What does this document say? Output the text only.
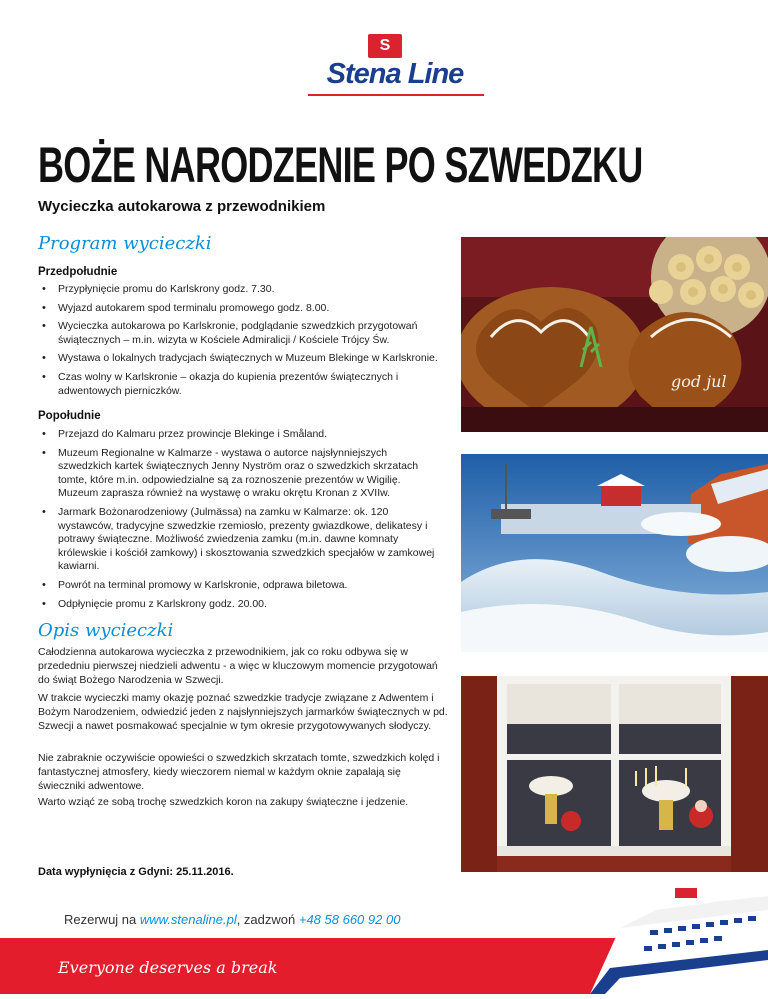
S
Stena Line
BOŻE NARODZENIE PO SZWEDZKU
Wycieczka autokarowa z przewodnikiem
Program wycieczki
Przedpołudnie
• Przypłynięcie promu do Karlskrony godz. 7.30.
• Wyjazd autokarem spod terminalu promowego godz. 8.00.
• Wycieczka autokarowa po Karlskronie, podglądanie szwedzkich przygotowań świątecznych – m.in. wizyta w Kościele Admiralicji / Kościele Trójcy Św.
• Wystawa o lokalnych tradycjach świątecznych w Muzeum Blekinge w Karlskronie.
• Czas wolny w Karlskronie – okazja do kupienia prezentów świątecznych i adwentowych pierniczków.
Popołudnie
• Przejazd do Kalmaru przez prowincje Blekinge i Småland.
• Muzeum Regionalne w Kalmarze - wystawa o autorce najsłynniejszych szwedzkich kartek świątecznych Jenny Nyström oraz o szwedzkich skrzatach tomte, które m.in. odpowiedzialne są za roznoszenie prezentów w Wigilię. Muzeum zaprasza również na wystawę o wraku okrętu Kronan z XVIIw.
• Jarmark Bożonarodzeniowy (Julmässa) na zamku w Kalmarze: ok. 120 wystawców, tradycyjne szwedzkie rzemiosło, prezenty gwiazdkowe, delikatesy i potrawy świąteczne. Możliwość zwiedzenia zamku (m.in. dawne komnaty królewskie i kościół zamkowy) i skosztowania szwedzkich specjałów w zamkowej kawiarni.
• Powrót na terminal promowy w Karlskronie, odprawa biletowa.
• Odpłynięcie promu z Karlskrony godz. 20.00.
Opis wycieczki

Całodzienna autokarowa wycieczka z przewodnikiem, jak co roku odbywa się w przededniu pierwszej niedzieli adwentu - a więc w kluczowym momencie przygotowań do świąt Bożego Narodzenia w Szwecji.

W trakcie wycieczki mamy okazję poznać szwedzkie tradycje związane z Adwentem i Bożym Narodzeniem, odwiedzić jeden z najsłynniejszych jarmarków świątecznych w pd. Szwecji a nawet posmakować specjalnie w tym okresie przygotowywanych słodyczy.

Nie zabraknie oczywiście opowieści o szwedzkich skrzatach tomte, szwedzkich kolęd i fantastycznej atmosfery, kiedy wieczorem niemal w każdym oknie zapalają się świeczniki adwentowe.

Warto wziąć ze sobą trochę szwedzkich koron na zakupy świąteczne i jedzenie.

Data wypłynięcia z Gdyni: 25.11.2016.
god jul
Rezerwuj na www.stenaline.pl, zadzwoń +48 58 660 92 00
Everyone deserves a break
